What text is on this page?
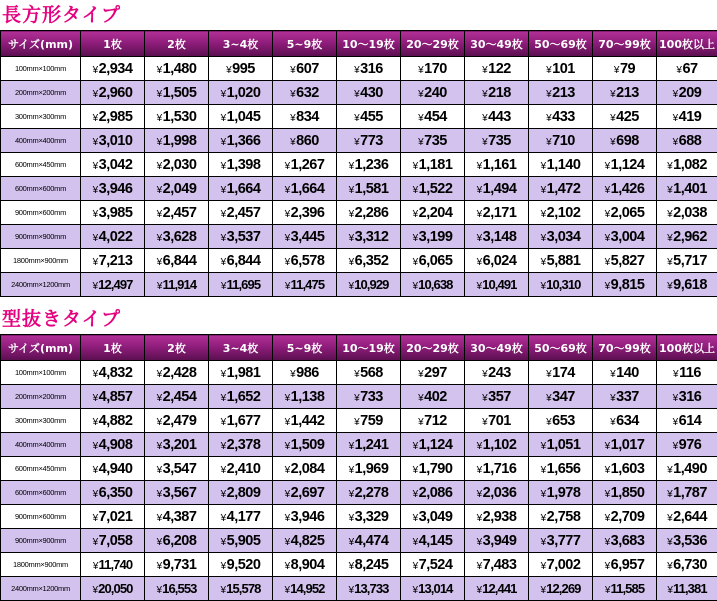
長方形タイプ
サイズ(mm)	1枚	2枚	3~4枚	5~9枚	10～19枚	20～29枚	30～49枚	50～69枚	70～99枚	100枚以上
100mm×100mm	¥2,934	¥1,480	¥995	¥607	¥316	¥170	¥122	¥101	¥79	¥67
200mm×200mm	¥2,960	¥1,505	¥1,020	¥632	¥430	¥240	¥218	¥213	¥213	¥209
300mm×300mm	¥2,985	¥1,530	¥1,045	¥834	¥455	¥454	¥443	¥433	¥425	¥419
400mm×400mm	¥3,010	¥1,998	¥1,366	¥860	¥773	¥735	¥735	¥710	¥698	¥688
600mm×450mm	¥3,042	¥2,030	¥1,398	¥1,267	¥1,236	¥1,181	¥1,161	¥1,140	¥1,124	¥1,082
600mm×600mm	¥3,946	¥2,049	¥1,664	¥1,664	¥1,581	¥1,522	¥1,494	¥1,472	¥1,426	¥1,401
900mm×600mm	¥3,985	¥2,457	¥2,457	¥2,396	¥2,286	¥2,204	¥2,171	¥2,102	¥2,065	¥2,038
900mm×900mm	¥4,022	¥3,628	¥3,537	¥3,445	¥3,312	¥3,199	¥3,148	¥3,034	¥3,004	¥2,962
1800mm×900mm	¥7,213	¥6,844	¥6,844	¥6,578	¥6,352	¥6,065	¥6,024	¥5,881	¥5,827	¥5,717
2400mm×1200mm	¥12,497	¥11,914	¥11,695	¥11,475	¥10,929	¥10,638	¥10,491	¥10,310	¥9,815	¥9,618
型抜きタイプ
サイズ(mm)	1枚	2枚	3~4枚	5~9枚	10～19枚	20～29枚	30～49枚	50～69枚	70～99枚	100枚以上
100mm×100mm	¥4,832	¥2,428	¥1,981	¥986	¥568	¥297	¥243	¥174	¥140	¥116
200mm×200mm	¥4,857	¥2,454	¥1,652	¥1,138	¥733	¥402	¥357	¥347	¥337	¥316
300mm×300mm	¥4,882	¥2,479	¥1,677	¥1,442	¥759	¥712	¥701	¥653	¥634	¥614
400mm×400mm	¥4,908	¥3,201	¥2,378	¥1,509	¥1,241	¥1,124	¥1,102	¥1,051	¥1,017	¥976
600mm×450mm	¥4,940	¥3,547	¥2,410	¥2,084	¥1,969	¥1,790	¥1,716	¥1,656	¥1,603	¥1,490
600mm×600mm	¥6,350	¥3,567	¥2,809	¥2,697	¥2,278	¥2,086	¥2,036	¥1,978	¥1,850	¥1,787
900mm×600mm	¥7,021	¥4,387	¥4,177	¥3,946	¥3,329	¥3,049	¥2,938	¥2,758	¥2,709	¥2,644
900mm×900mm	¥7,058	¥6,208	¥5,905	¥4,825	¥4,474	¥4,145	¥3,949	¥3,777	¥3,683	¥3,536
1800mm×900mm	¥11,740	¥9,731	¥9,520	¥8,904	¥8,245	¥7,524	¥7,483	¥7,002	¥6,957	¥6,730
2400mm×1200mm	¥20,050	¥16,553	¥15,578	¥14,952	¥13,733	¥13,014	¥12,441	¥12,269	¥11,585	¥11,381
